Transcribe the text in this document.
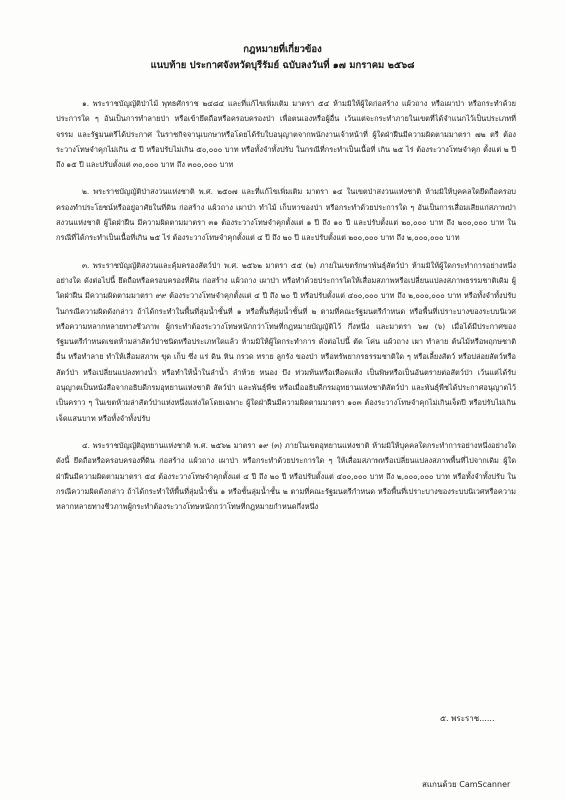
กฎหมายที่เกี่ยวข้อง
แนบท้าย ประกาศจังหวัดบุรีรัมย์ ฉบับลงวันที่ ๑๗ มกราคม ๒๕๖๘

๑. พระราชบัญญัติป่าไม้ พุทธศักราช ๒๔๘๔ และที่แก้ไขเพิ่มเติม มาตรา ๕๔ ห้ามมิให้ผู้ใดก่อสร้าง แผ้วถาง หรือเผาป่า หรือกระทำด้วยประการใด ๆ อันเป็นการทำลายป่า หรือเข้ายึดถือหรือครอบครองป่า เพื่อตนเองหรือผู้อื่น เว้นแต่จะกระทำภายในเขตที่ได้จำแนกไว้เป็นประเภทที่จรรม และรัฐมนตรีได้ประกาศ ในราชกิจจานุเบกษาหรือโดยได้รับใบอนุญาตจากพนักงานเจ้าหน้าที่ ผู้ใดฝ่าฝืนมีความผิดตามมาตรา ๗๒ ตรี ต้องระวางโทษจำคุกไม่เกิน ๕ ปี หรือปรับไม่เกิน ๕๐,๐๐๐ บาท หรือทั้งจำทั้งปรับ ในกรณีที่กระทำเป็นเนื้อที่ เกิน ๒๕ ไร่ ต้องระวางโทษจำคุก ตั้งแต่ ๒ ปี ถึง ๑๕ ปี และปรับตั้งแต่ ๓๐,๐๐๐ บาท ถึง ๓๐๐,๐๐๐ บาท

๒. พระราชบัญญัติป่าสงวนแห่งชาติ พ.ศ. ๒๕๐๗ และที่แก้ไขเพิ่มเติม มาตรา ๑๔ ในเขตป่าสงวนแห่งชาติ ห้ามมิให้บุคคลใดยึดถือครอบครองทำประโยชน์หรืออยู่อาศัยในที่ดิน ก่อสร้าง แผ้วถาง เผาป่า ทำไม้ เก็บหาของป่า หรือกระทำด้วยประการใด ๆ อันเป็นการเสื่อมเสียแก่สภาพป่าสงวนแห่งชาติ ผู้ใดฝ่าฝืน มีความผิดตามมาตรา ๓๑ ต้องระวางโทษจำคุกตั้งแต่ ๑ ปี ถึง ๑๐ ปี และปรับตั้งแต่ ๒๐,๐๐๐ บาท ถึง ๒๐๐,๐๐๐ บาท ในกรณีที่ได้กระทำเป็นเนื้อที่เกิน ๒๕ ไร่ ต้องระวางโทษจำคุกตั้งแต่ ๔ ปี ถึง ๒๐ ปี และปรับตั้งแต่ ๒๐๐,๐๐๐ บาท ถึง ๒,๐๐๐,๐๐๐ บาท

๓. พระราชบัญญัติสงวนและคุ้มครองสัตว์ป่า พ.ศ. ๒๕๖๒ มาตรา ๕๕ (๒) ภายในเขตรักษาพันธุ์สัตว์ป่า ห้ามมิให้ผู้ใดกระทำการอย่างหนึ่งอย่างใด ดังต่อไปนี้ ยึดถือหรือครอบครองที่ดิน ก่อสร้าง แผ้วถาง เผาป่า หรือทำด้วยประการใดให้เสื่อมสภาพหรือเปลี่ยนแปลงสภาพธรรมชาติเดิม ผู้ใดฝ่าฝืน มีความผิดตามมาตรา ๙๙ ต้องระวางโทษจำคุกตั้งแต่ ๔ ปี ถึง ๒๐ ปี หรือปรับตั้งแต่ ๔๐๐,๐๐๐ บาท ถึง ๒,๐๐๐,๐๐๐ บาท หรือทั้งจำทั้งปรับ ในกรณีความผิดดังกล่าว ถ้าได้กระทำในพื้นที่ลุ่มน้ำชั้นที่ ๑ หรือพื้นที่ลุ่มน้ำชั้นที่ ๒ ตามที่คณะรัฐมนตรีกำหนด หรือพื้นที่เปราะบางของระบบนิเวศหรือความหลากหลายทางชีวภาพ ผู้กระทำต้องระวางโทษหนักกว่าโทษที่กฎหมายบัญญัติไว้ กึ่งหนึ่ง และมาตรา ๖๗ (๖) เมื่อได้มีประกาศของรัฐมนตรีกำหนดเขตห้ามล่าสัตว์ป่าชนิดหรือประเภทใดแล้ว ห้ามมิให้ผู้ใดกระทำการ ดังต่อไปนี้ ตัด โค่น แผ้วถาง เผา ทำลาย ต้นไม้หรือพฤกษชาติอื่น หรือทำลาย ทำให้เสื่อมสภาพ ขุด เก็บ ซึ่ง แร่ ดิน หิน กรวด ทราย ลูกรัง ของป่า หรือทรัพยากรธรรมชาติใด ๆ หรือเลี้ยงสัตว์ หรือปล่อยสัตว์หรือสัตว์ป่า หรือเปลี่ยนแปลงทางน้ำ หรือทำให้น้ำในลำน้ำ ลำห้วย หนอง บึง ท่วมท้นหรือเหือดแห้ง เป็นพิษหรือเป็นอันตรายต่อสัตว์ป่า เว้นแต่ได้รับอนุญาตเป็นหนังสือจากอธิบดีกรมอุทยานแห่งชาติ สัตว์ป่า และพันธุ์พืช หรือเมื่ออธิบดีกรมอุทยานแห่งชาติสัตว์ป่า และพันธุ์พืชได้ประกาศอนุญาตไว้เป็นคราว ๆ ในเขตห้ามล่าสัตว์ป่าแห่งหนึ่งแห่งใดโดยเฉพาะ ผู้ใดฝ่าฝืนมีความผิดตามมาตรา ๑๐๓ ต้องระวางโทษจำคุกไม่เกินเจ็ดปี หรือปรับไม่เกินเจ็ดแสนบาท หรือทั้งจำทั้งปรับ

๔. พระราชบัญญัติอุทยานแห่งชาติ พ.ศ. ๒๕๖๒ มาตรา ๑๙ (๓) ภายในเขตอุทยานแห่งชาติ ห้ามมิให้บุคคลใดกระทำการอย่างหนึ่งอย่างใด ดังนี้ ยึดถือหรือครอบครองที่ดิน ก่อสร้าง แผ้วถาง เผาป่า หรือกระทำด้วยประการใด ๆ ให้เสื่อมสภาพหรือเปลี่ยนแปลงสภาพพื้นที่ไปจากเดิม ผู้ใดฝ่าฝืนมีความผิดตามมาตรา ๕๔ ต้องระวางโทษจำคุกตั้งแต่ ๔ ปี ถึง ๒๐ ปี หรือปรับตั้งแต่ ๔๐๐,๐๐๐ บาท ถึง ๒,๐๐๐,๐๐๐ บาท หรือทั้งจำทั้งปรับ ในกรณีความผิดดังกล่าว ถ้าได้กระทำให้พื้นที่ลุ่มน้ำชั้น ๑ หรือชั้นลุ่มน้ำชั้น ๒ ตามที่คณะรัฐมนตรีกำหนด หรือพื้นที่เปราะบางของระบบนิเวศหรือความหลากหลายทางชีวภาพผู้กระทำต้องระวางโทษหนักกว่าโทษที่กฎหมายกำหนดกึ่งหนึ่ง

๕. พระราช......
สแกนด้วย CamScanner
